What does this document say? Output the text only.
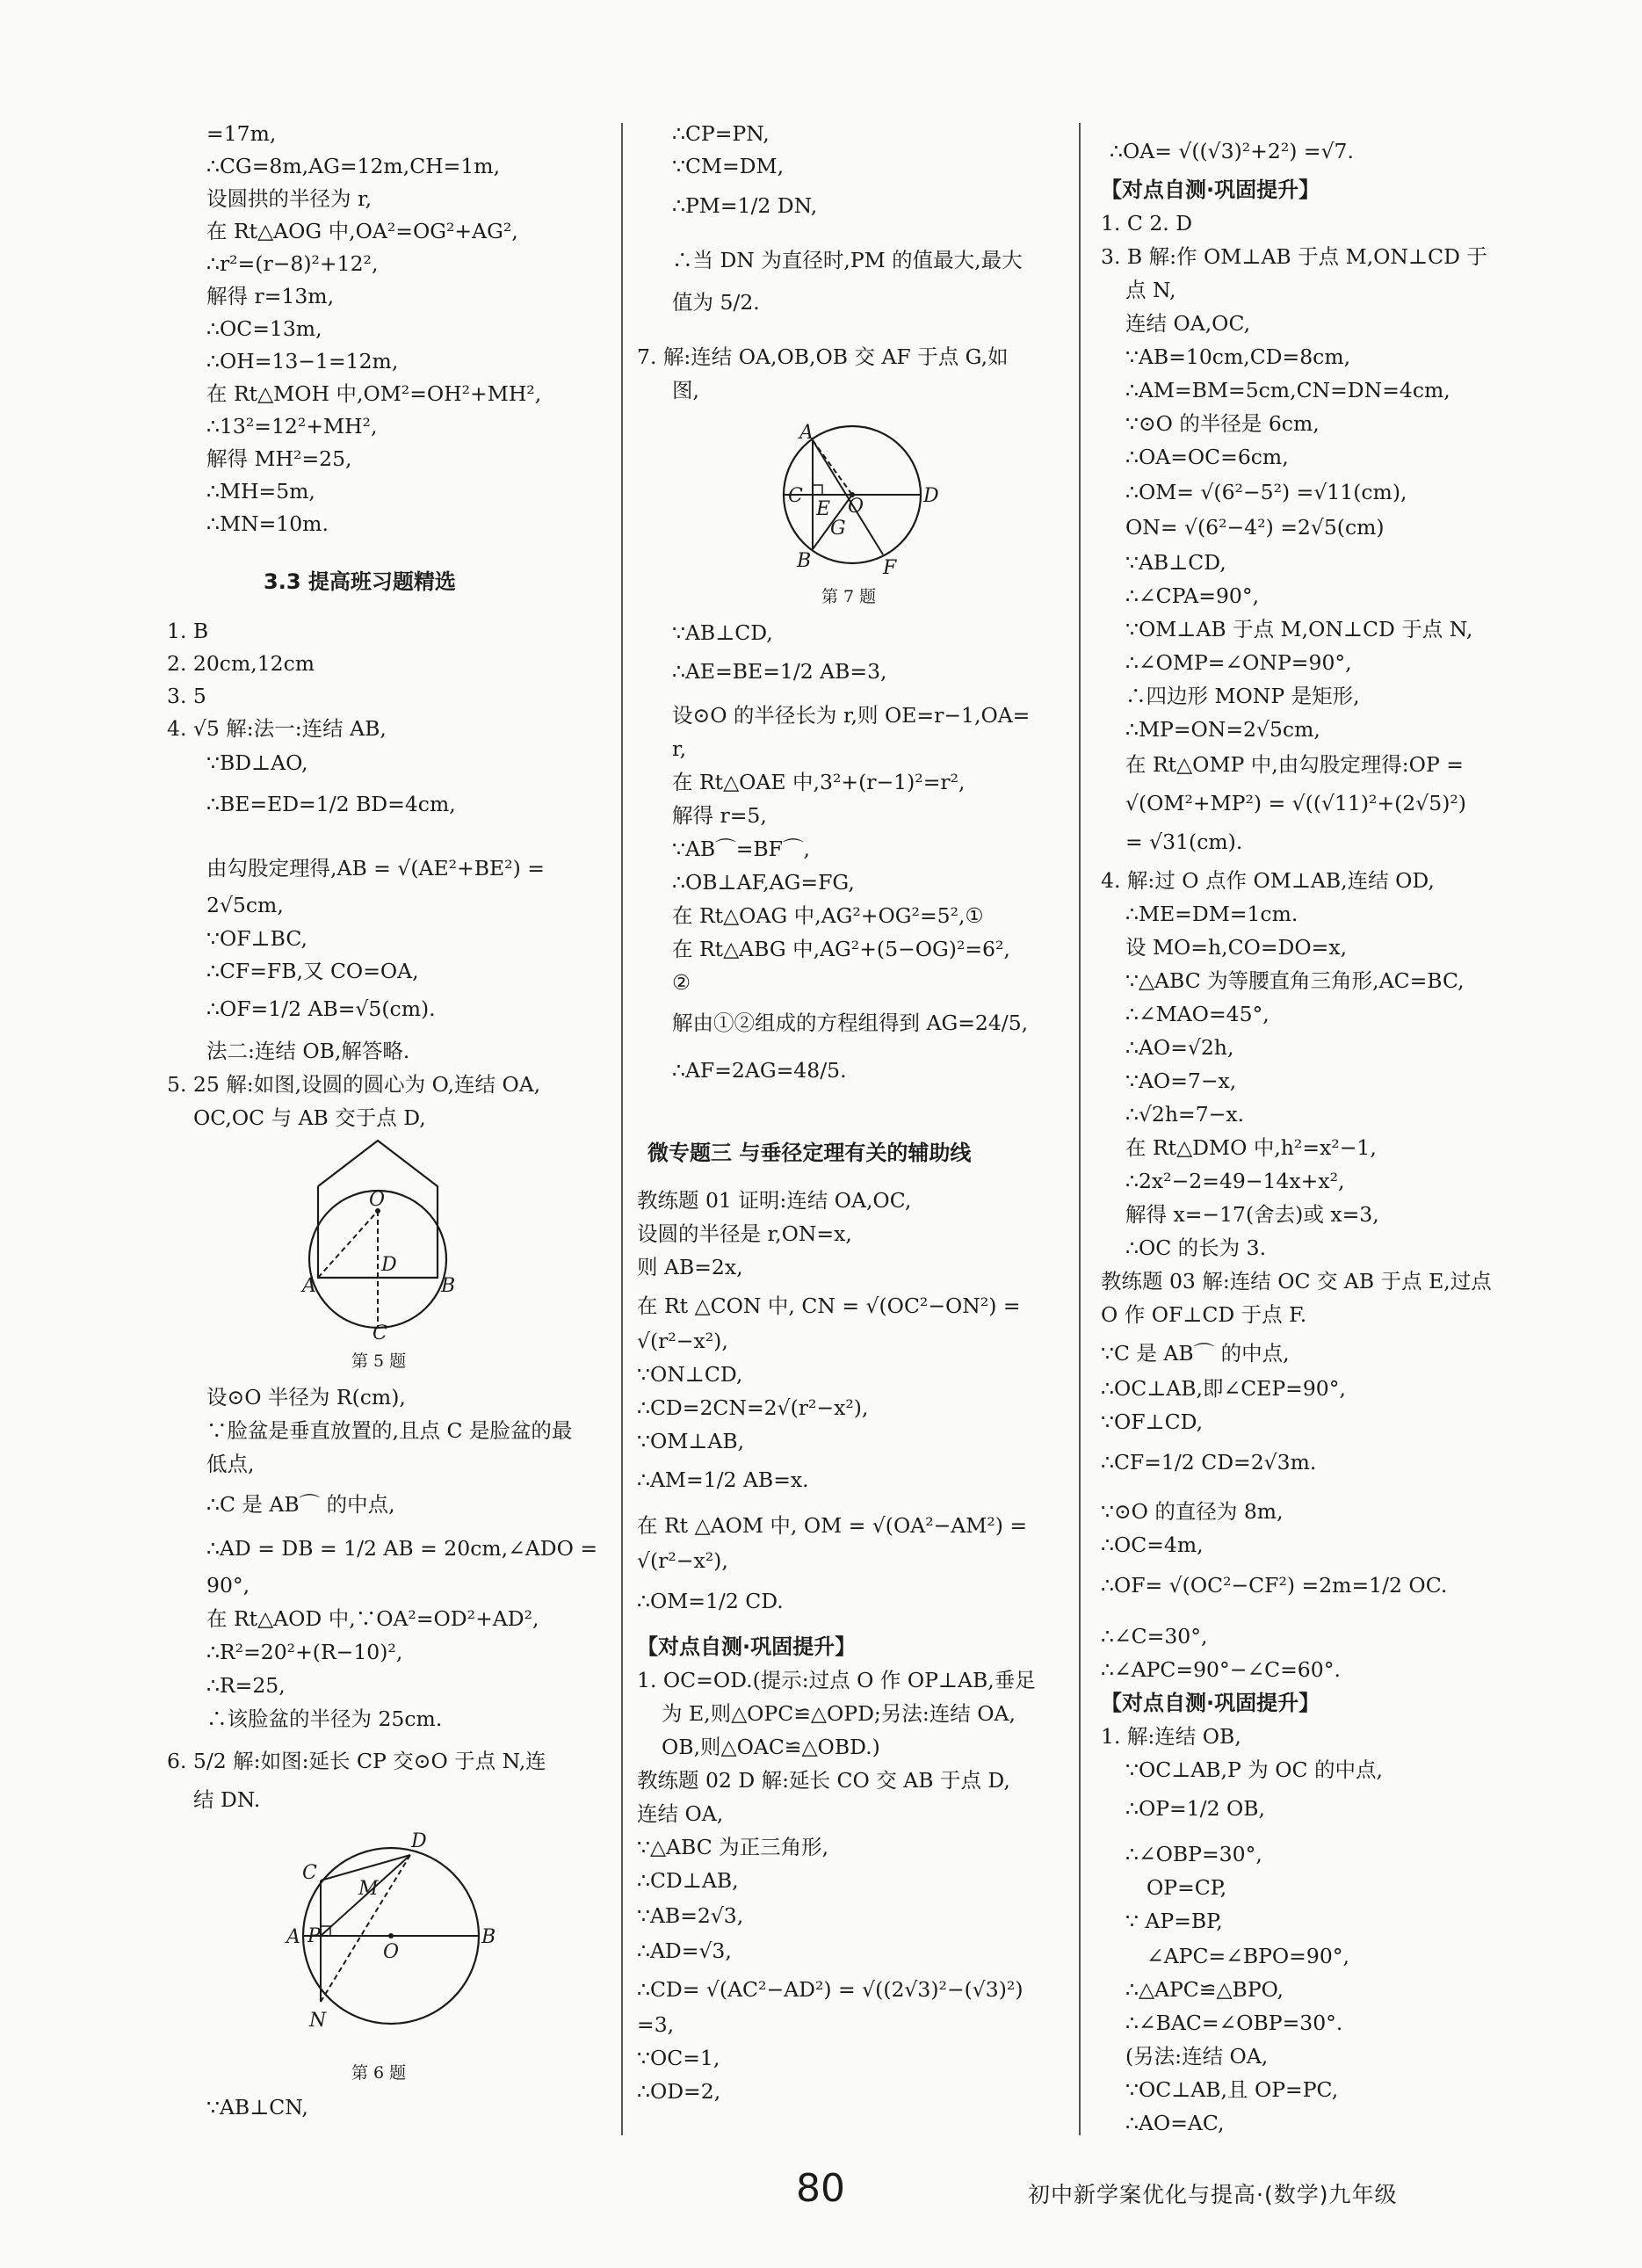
=17m,
∴CG=8m,AG=12m,CH=1m,
设圆拱的半径为 r,
在 Rt△AOG 中,OA²=OG²+AG²,
∴r²=(r−8)²+12²,
解得 r=13m,
∴OC=13m,
∴OH=13−1=12m,
在 Rt△MOH 中,OM²=OH²+MH²,
∴13²=12²+MH²,
解得 MH²=25,
∴MH=5m,
∴MN=10m.
3.3 提高班习题精选
1. B
2. 20cm,12cm
3. 5
4. √5 解:法一:连结 AB,
∵BD⊥AO,
∴BE=ED=1/2 BD=4cm,
由勾股定理得,AB = √(AE²+BE²) =
2√5cm,
∵OF⊥BC,
∴CF=FB,又 CO=OA,
∴OF=1/2 AB=√5(cm).
法二:连结 OB,解答略.
5. 25 解:如图,设圆的圆心为 O,连结 OA,
OC,OC 与 AB 交于点 D,
O
D
A	B
C
第 5 题
设⊙O 半径为 R(cm),
∵脸盆是垂直放置的,且点 C 是脸盆的最
低点,
∴C 是 AB⌒ 的中点,
∴AD = DB = 1/2 AB = 20cm,∠ADO =
90°,
在 Rt△AOD 中,∵OA²=OD²+AD²,
∴R²=20²+(R−10)²,
∴R=25,
∴该脸盆的半径为 25cm.
6. 5/2 解:如图:延长 CP 交⊙O 于点 N,连
结 DN.
D
C
M
A P
O
B
N
第 6 题
∵AB⊥CN,
∴CP=PN,
∵CM=DM,
∴PM=1/2 DN,
∴当 DN 为直径时,PM 的值最大,最大
值为 5/2.
7. 解:连结 OA,OB,OB 交 AF 于点 G,如
图,
A
C
E O	D
G
B	F
第 7 题
∵AB⊥CD,
∴AE=BE=1/2 AB=3,
设⊙O 的半径长为 r,则 OE=r−1,OA=
r,
在 Rt△OAE 中,3²+(r−1)²=r²,
解得 r=5,
∵AB⌒=BF⌒,
∴OB⊥AF,AG=FG,
在 Rt△OAG 中,AG²+OG²=5²,①
在 Rt△ABG 中,AG²+(5−OG)²=6²,
②
解由①②组成的方程组得到 AG=24/5,
∴AF=2AG=48/5.
微专题三 与垂径定理有关的辅助线
教练题 01 证明:连结 OA,OC,
设圆的半径是 r,ON=x,
则 AB=2x,
在 Rt △CON 中, CN = √(OC²−ON²) =
√(r²−x²),
∵ON⊥CD,
∴CD=2CN=2√(r²−x²),
∵OM⊥AB,
∴AM=1/2 AB=x.
在 Rt △AOM 中, OM = √(OA²−AM²) =
√(r²−x²),
∴OM=1/2 CD.
【对点自测·巩固提升】
1. OC=OD.(提示:过点 O 作 OP⊥AB,垂足
为 E,则△OPC≌△OPD;另法:连结 OA,
OB,则△OAC≌△OBD.)
教练题 02 D 解:延长 CO 交 AB 于点 D,
连结 OA,
∵△ABC 为正三角形,
∴CD⊥AB,
∵AB=2√3,
∴AD=√3,
∴CD= √(AC²−AD²) = √((2√3)²−(√3)²)
=3,
∵OC=1,
∴OD=2,
∴OA= √((√3)²+2²) =√7.
【对点自测·巩固提升】
1. C 2. D
3. B 解:作 OM⊥AB 于点 M,ON⊥CD 于
点 N,
连结 OA,OC,
∵AB=10cm,CD=8cm,
∴AM=BM=5cm,CN=DN=4cm,
∵⊙O 的半径是 6cm,
∴OA=OC=6cm,
∴OM= √(6²−5²) =√11(cm),
ON= √(6²−4²) =2√5(cm)
∵AB⊥CD,
∴∠CPA=90°,
∵OM⊥AB 于点 M,ON⊥CD 于点 N,
∴∠OMP=∠ONP=90°,
∴四边形 MONP 是矩形,
∴MP=ON=2√5cm,
在 Rt△OMP 中,由勾股定理得:OP =
√(OM²+MP²) = √((√11)²+(2√5)²)
= √31(cm).
4. 解:过 O 点作 OM⊥AB,连结 OD,
∴ME=DM=1cm.
设 MO=h,CO=DO=x,
∵△ABC 为等腰直角三角形,AC=BC,
∴∠MAO=45°,
∴AO=√2h,
∵AO=7−x,
∴√2h=7−x.
在 Rt△DMO 中,h²=x²−1,
∴2x²−2=49−14x+x²,
解得 x=−17(舍去)或 x=3,
∴OC 的长为 3.
教练题 03 解:连结 OC 交 AB 于点 E,过点
O 作 OF⊥CD 于点 F.
∵C 是 AB⌒ 的中点,
∴OC⊥AB,即∠CEP=90°,
∵OF⊥CD,
∴CF=1/2 CD=2√3m.
∵⊙O 的直径为 8m,
∴OC=4m,
∴OF= √(OC²−CF²) =2m=1/2 OC.
∴∠C=30°,
∴∠APC=90°−∠C=60°.
【对点自测·巩固提升】
1. 解:连结 OB,
∵OC⊥AB,P 为 OC 的中点,
∴OP=1/2 OB,
∴∠OBP=30°,
OP=CP,
∵ AP=BP,
∠APC=∠BPO=90°,
∴△APC≌△BPO,
∴∠BAC=∠OBP=30°.
(另法:连结 OA,
∵OC⊥AB,且 OP=PC,
∴AO=AC,
80	初中新学案优化与提高·(数学)九年级
